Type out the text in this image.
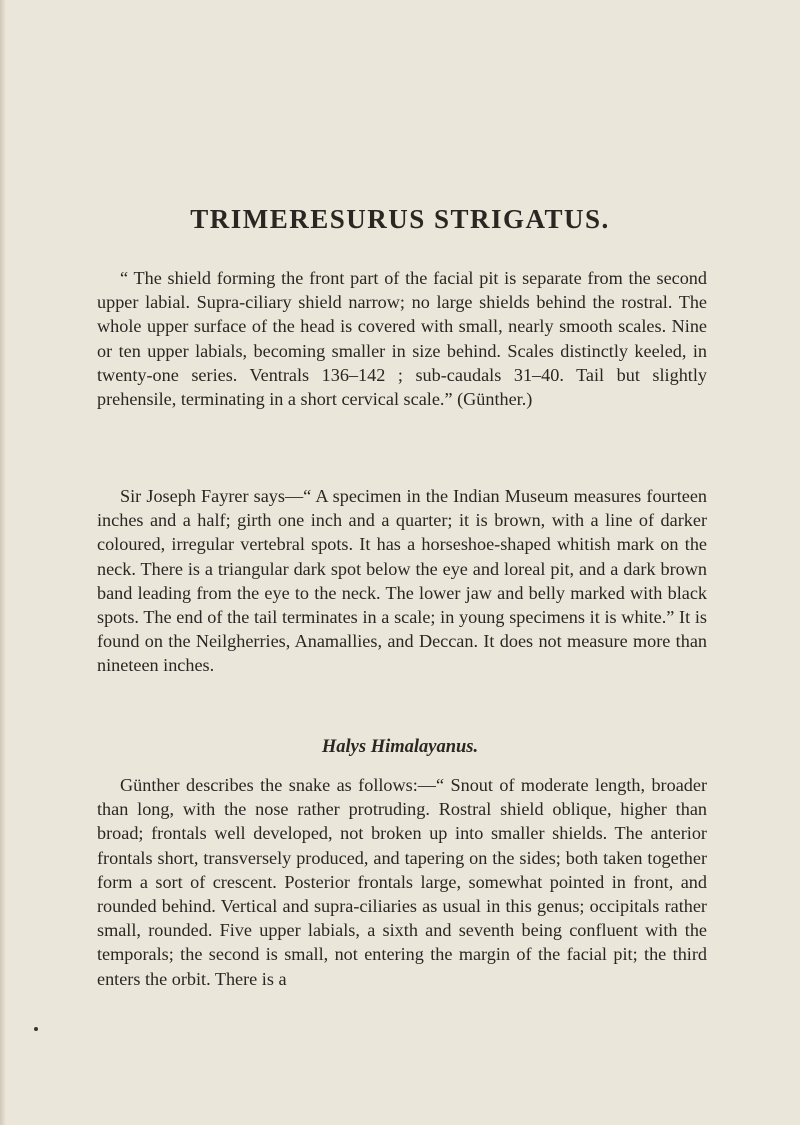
TRIMERESURUS STRIGATUS.

“ The shield forming the front part of the facial pit is separate from the second upper labial. Supra-ciliary shield narrow; no large shields behind the rostral. The whole upper surface of the head is covered with small, nearly smooth scales. Nine or ten upper labials, becoming smaller in size behind. Scales distinctly keeled, in twenty-one series. Ventrals 136–142 ; sub-caudals 31–40. Tail but slightly prehensile, terminating in a short cervical scale.” (Günther.)

Sir Joseph Fayrer says—“ A specimen in the Indian Museum measures fourteen inches and a half; girth one inch and a quarter; it is brown, with a line of darker coloured, irregular vertebral spots. It has a horseshoe-shaped whitish mark on the neck. There is a triangular dark spot below the eye and loreal pit, and a dark brown band leading from the eye to the neck. The lower jaw and belly marked with black spots. The end of the tail terminates in a scale; in young specimens it is white.” It is found on the Neilgherries, Anamallies, and Deccan. It does not measure more than nineteen inches.

Halys Himalayanus.

Günther describes the snake as follows:—“ Snout of moderate length, broader than long, with the nose rather protruding. Rostral shield oblique, higher than broad; frontals well developed, not broken up into smaller shields. The anterior frontals short, transversely produced, and tapering on the sides; both taken together form a sort of crescent. Posterior frontals large, somewhat pointed in front, and rounded behind. Vertical and supra-ciliaries as usual in this genus; occipitals rather small, rounded. Five upper labials, a sixth and seventh being confluent with the temporals; the second is small, not entering the margin of the facial pit; the third enters the orbit. There is a
